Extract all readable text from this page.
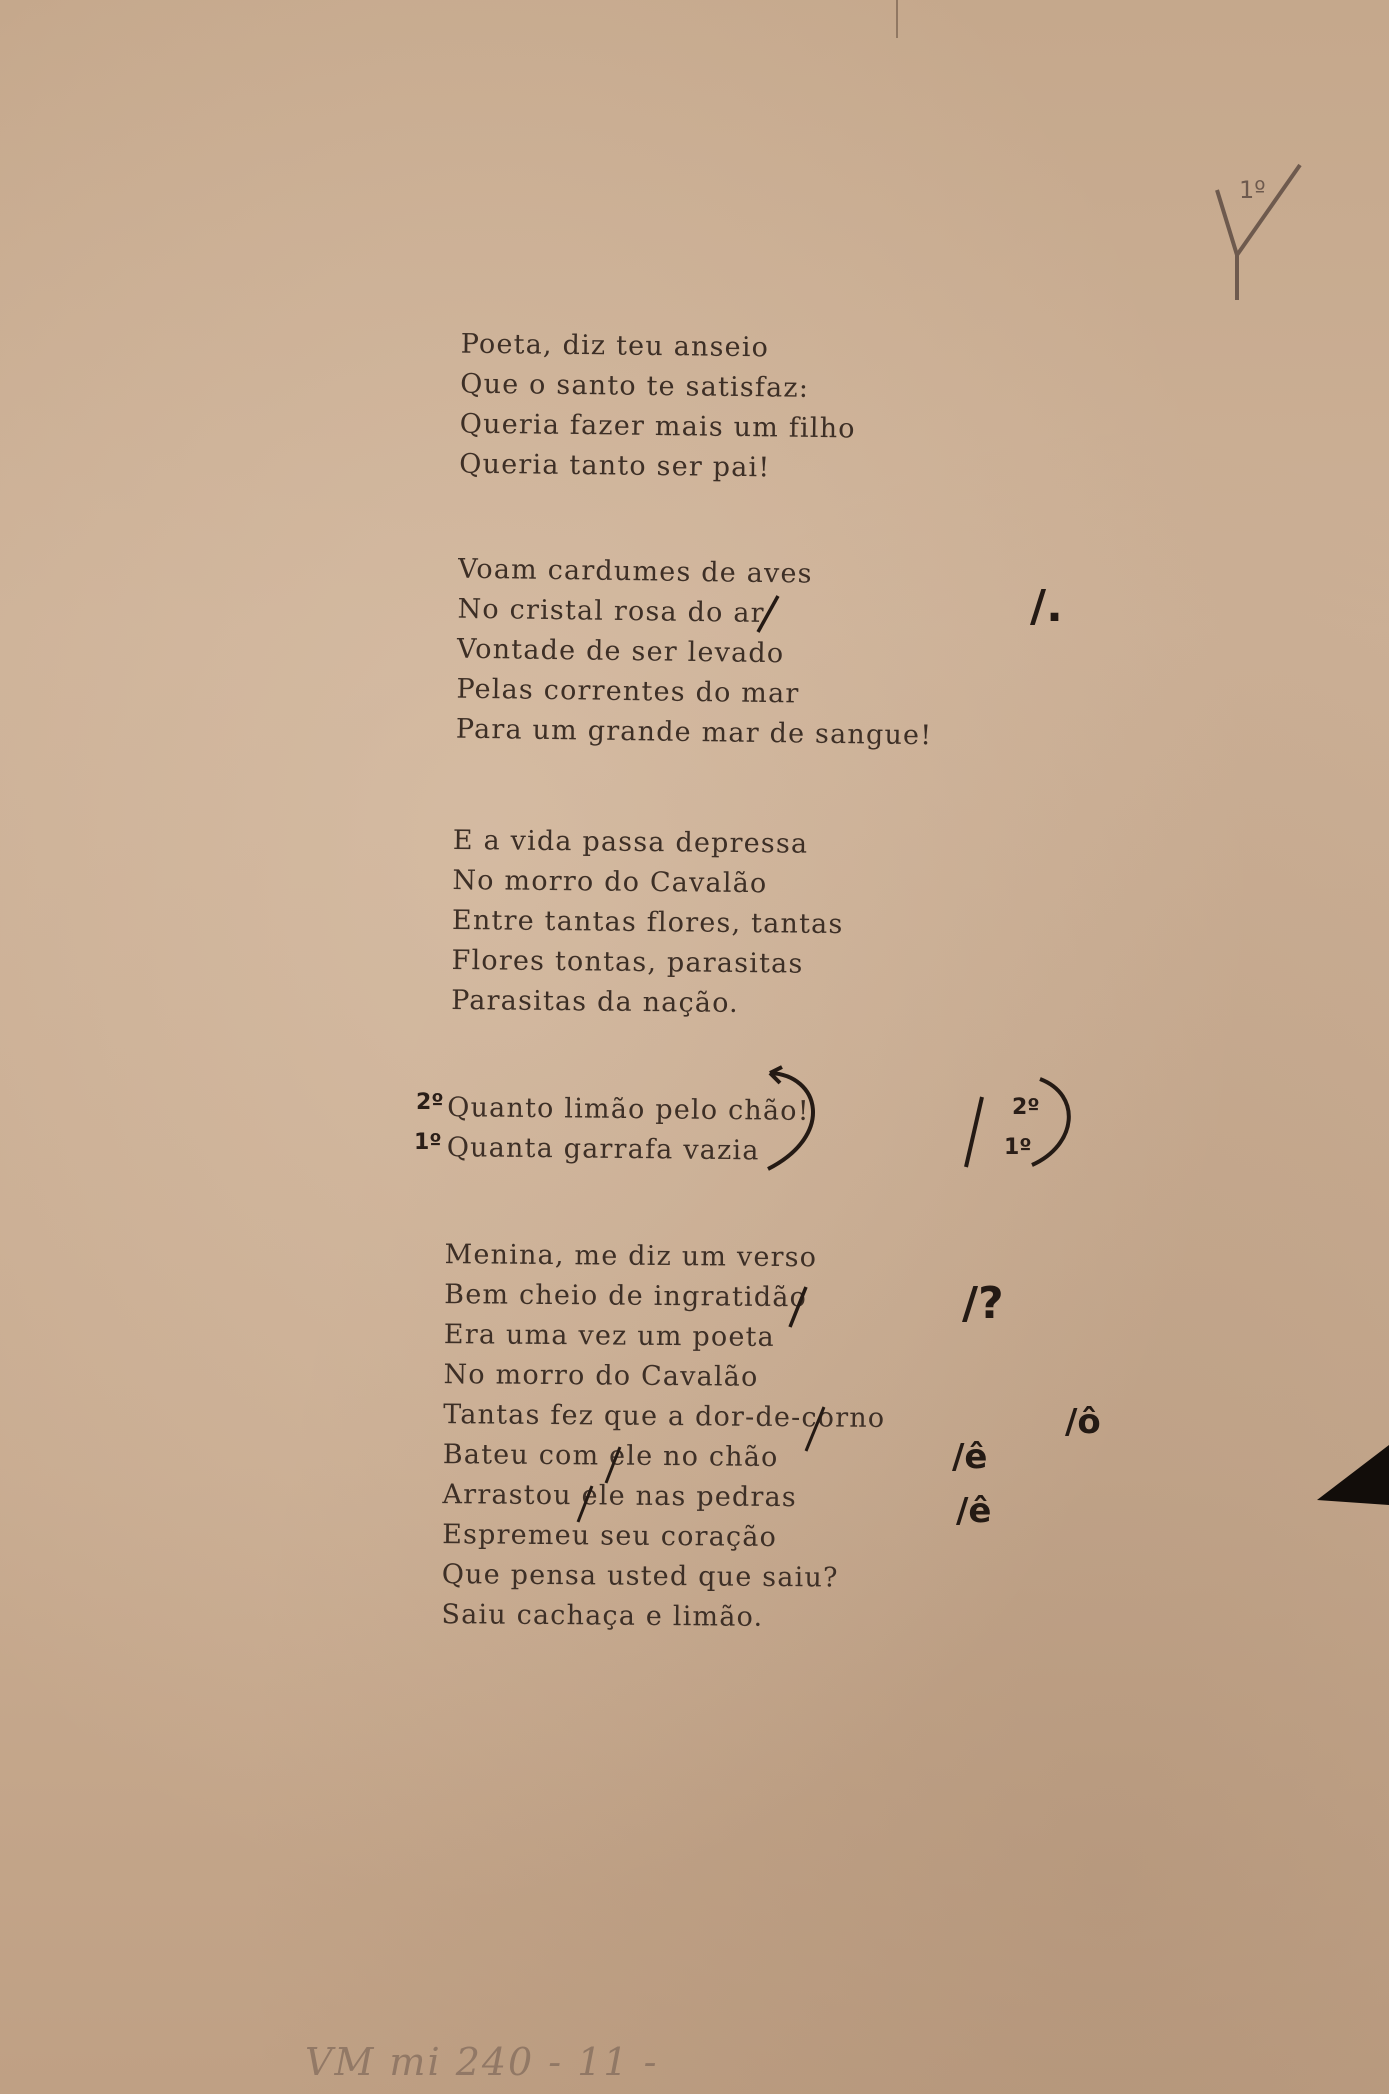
1º
Poeta, diz teu anseio
Que o santo te satisfaz:
Queria fazer mais um filho
Queria tanto ser pai!
Voam cardumes de aves
No cristal rosa do ar
Vontade de ser levado
Pelas correntes do mar
Para um grande mar de sangue!
/.
E a vida passa depressa
No morro do Cavalão
Entre tantas flores, tantas
Flores tontas, parasitas
Parasitas da nação.
2º
1º
Quanto limão pelo chão!
Quanta garrafa vazia
2º
1º
Menina, me diz um verso
Bem cheio de ingratidão
Era uma vez um poeta
No morro do Cavalão
Tantas fez que a dor-de-corno
Bateu com ele no chão
Arrastou ele nas pedras
Espremeu seu coração
Que pensa usted que saiu?
Saiu cachaça e limão.
/?
/ô
/ê
/ê
VM mi 240 - 11 -
